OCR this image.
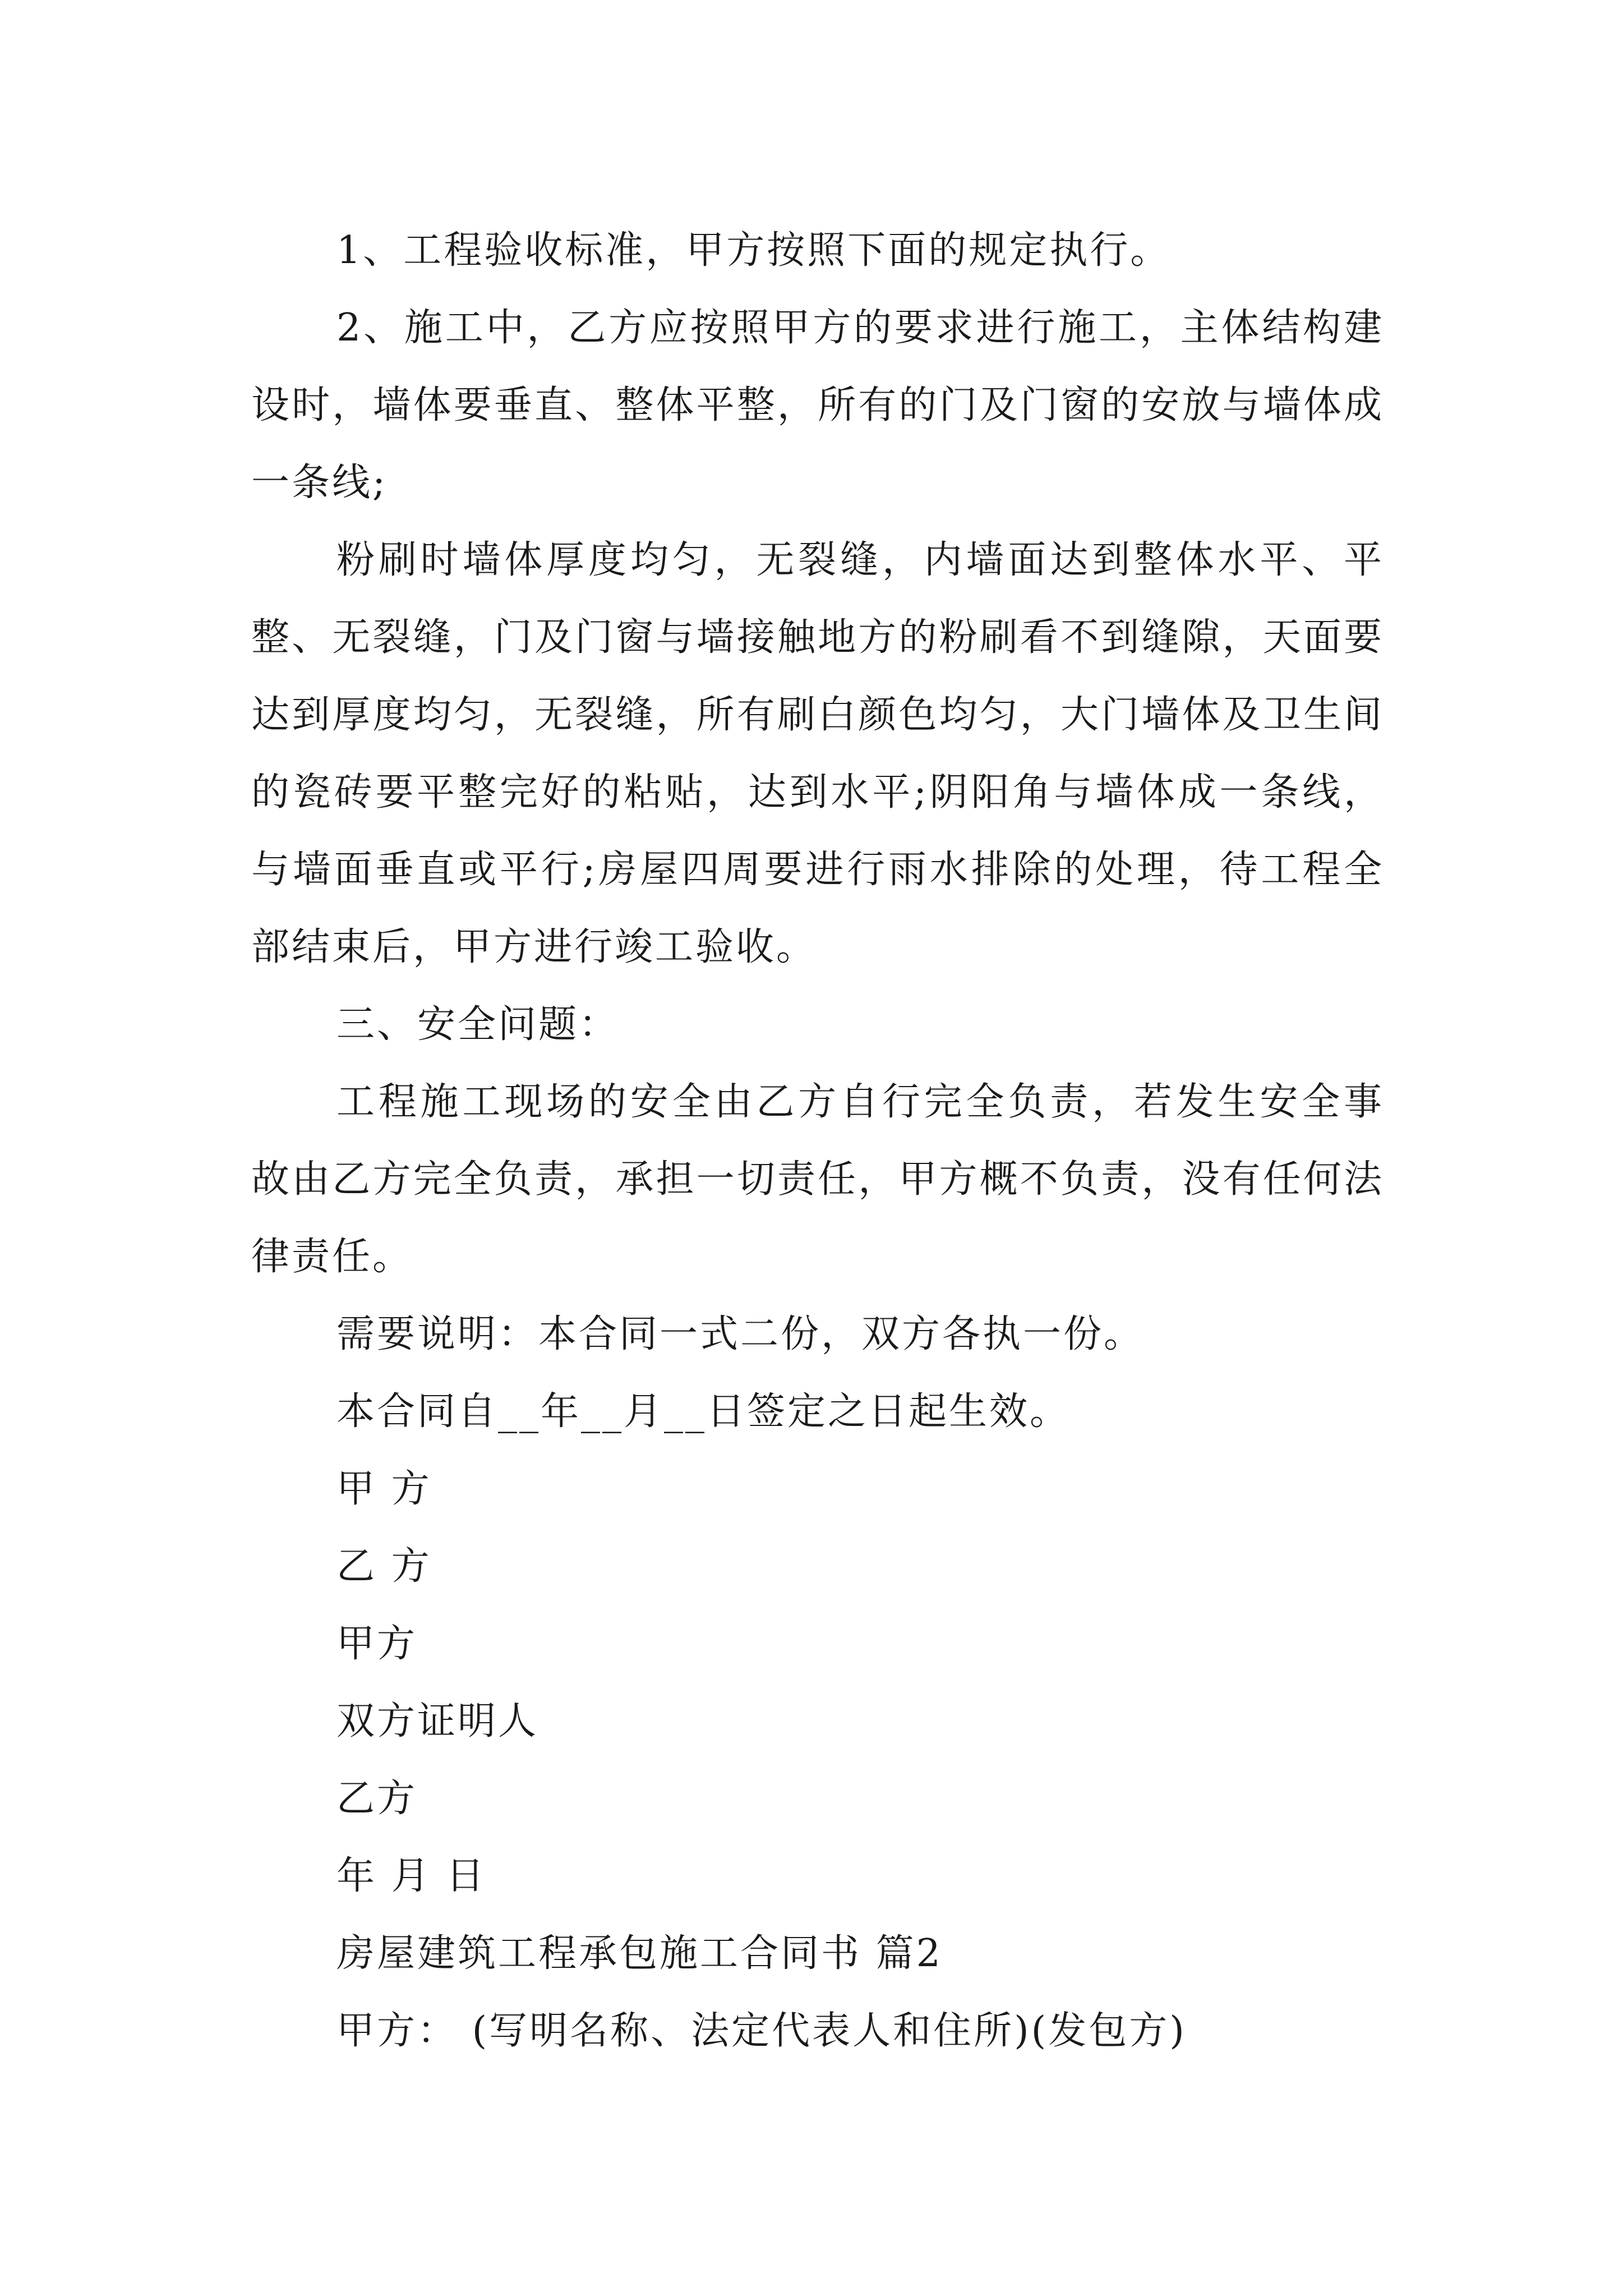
1、工程验收标准，甲方按照下面的规定执行。

2、施工中，乙方应按照甲方的要求进行施工，主体结构建设时，墙体要垂直、整体平整，所有的门及门窗的安放与墙体成一条线;

粉刷时墙体厚度均匀，无裂缝，内墙面达到整体水平、平整、无裂缝，门及门窗与墙接触地方的粉刷看不到缝隙，天面要达到厚度均匀，无裂缝，所有刷白颜色均匀，大门墙体及卫生间的瓷砖要平整完好的粘贴，达到水平;阴阳角与墙体成一条线，与墙面垂直或平行;房屋四周要进行雨水排除的处理，待工程全部结束后，甲方进行竣工验收。

三、安全问题：

工程施工现场的安全由乙方自行完全负责，若发生安全事故由乙方完全负责，承担一切责任，甲方概不负责，没有任何法律责任。

需要说明：本合同一式二份，双方各执一份。

本合同自__年__月__日签定之日起生效。

甲 方

乙 方

甲方

双方证明人

乙方

年 月 日

房屋建筑工程承包施工合同书 篇2

甲方： (写明名称、法定代表人和住所)(发包方)
